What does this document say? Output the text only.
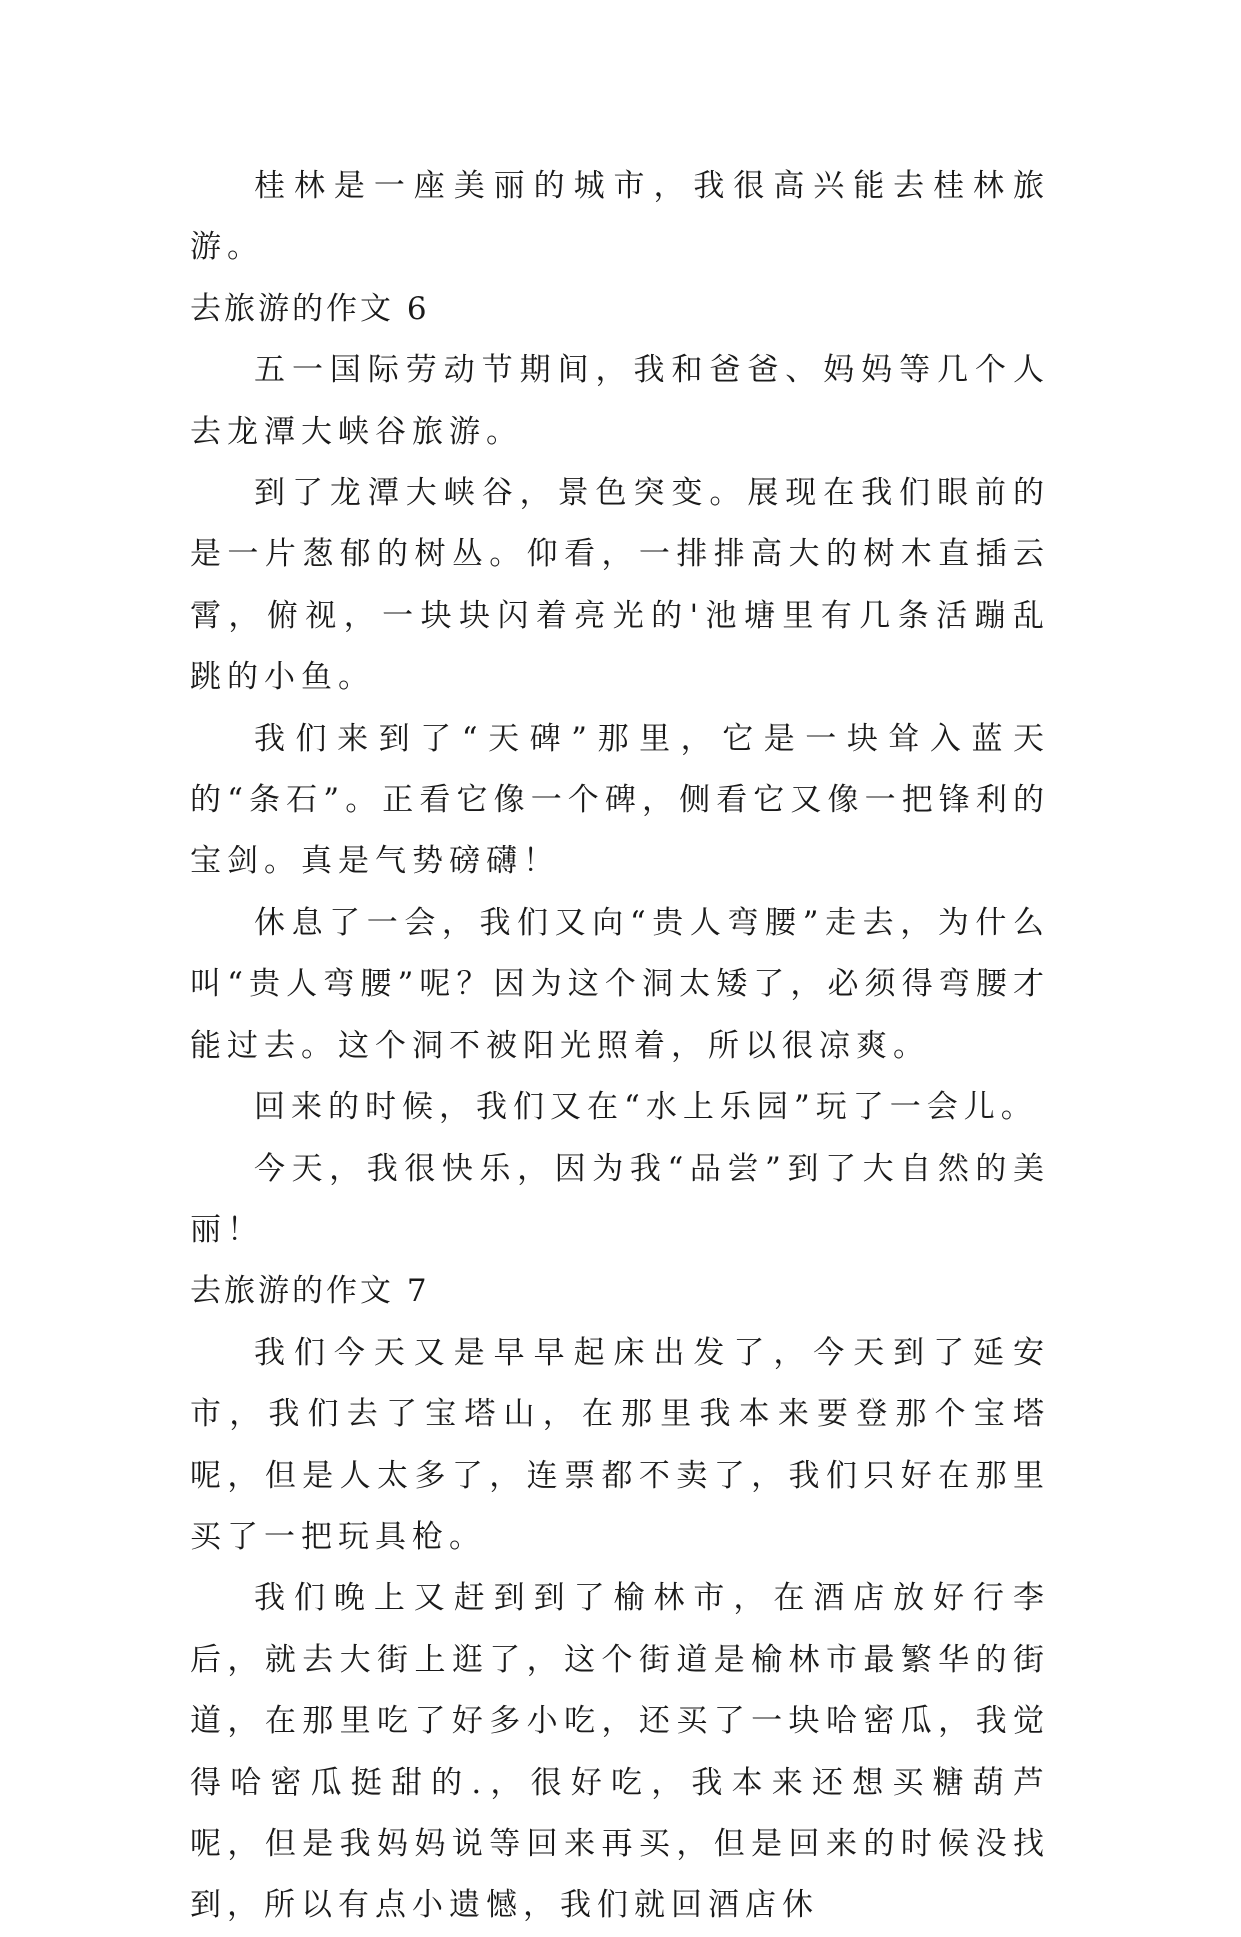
桂林是一座美丽的城市，我很高兴能去桂林旅游。

去旅游的作文 6

五一国际劳动节期间，我和爸爸、妈妈等几个人去龙潭大峡谷旅游。

到了龙潭大峡谷，景色突变。展现在我们眼前的是一片葱郁的树丛。仰看，一排排高大的树木直插云霄，俯视，一块块闪着亮光的'池塘里有几条活蹦乱跳的小鱼。

我们来到了“天碑”那里，它是一块耸入蓝天的“条石”。正看它像一个碑，侧看它又像一把锋利的宝剑。真是气势磅礴！

休息了一会，我们又向“贵人弯腰”走去，为什么叫“贵人弯腰”呢？因为这个洞太矮了，必须得弯腰才能过去。这个洞不被阳光照着，所以很凉爽。

回来的时候，我们又在“水上乐园”玩了一会儿。

今天，我很快乐，因为我“品尝”到了大自然的美丽！

去旅游的作文 7

我们今天又是早早起床出发了，今天到了延安市，我们去了宝塔山，在那里我本来要登那个宝塔呢，但是人太多了，连票都不卖了，我们只好在那里买了一把玩具枪。

我们晚上又赶到到了榆林市，在酒店放好行李后，就去大街上逛了，这个街道是榆林市最繁华的街道，在那里吃了好多小吃，还买了一块哈密瓜，我觉得哈密瓜挺甜的.，很好吃，我本来还想买糖葫芦呢，但是我妈妈说等回来再买，但是回来的时候没找到，所以有点小遗憾，我们就回酒店休
